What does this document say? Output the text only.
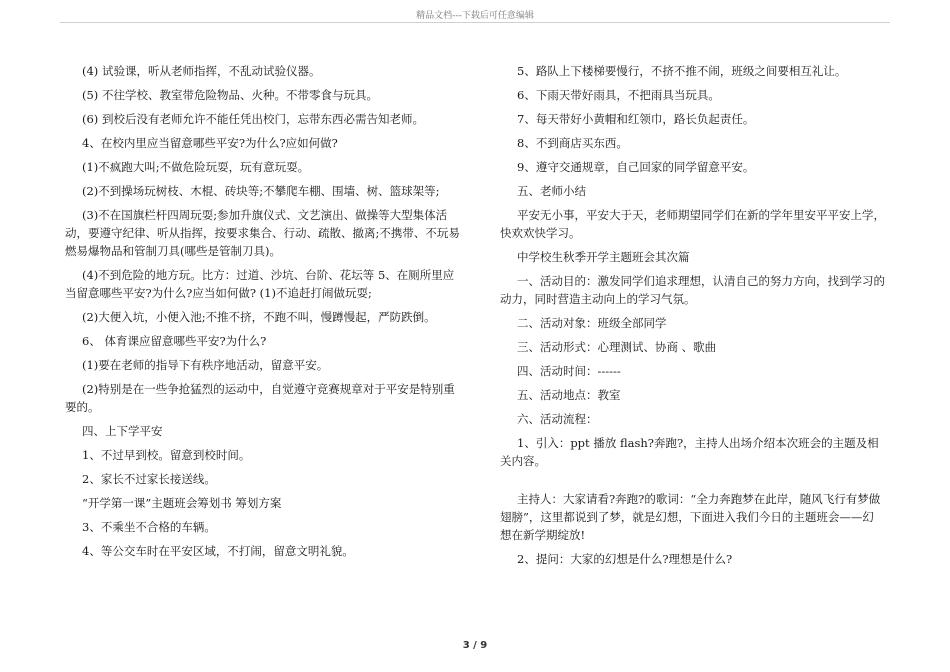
精品文档---下载后可任意编辑

(4) 试验课，听从老师指挥，不乱动试验仪器。

(5) 不往学校、教室带危险物品、火种。不带零食与玩具。

(6) 到校后没有老师允许不能任凭出校门，忘带东西必需告知老师。

4、在校内里应当留意哪些平安?为什么?应如何做?

(1)不疯跑大叫;不做危险玩耍，玩有意玩耍。

(2)不到操场玩树枝、木棍、砖块等;不攀爬车棚、围墙、树、篮球架等;

(3)不在国旗栏杆四周玩耍;参加升旗仪式、文艺演出、做操等大型集体活动，要遵守纪律、听从指挥，按要求集合、行动、疏散、撤离;不携带、不玩易燃易爆物品和管制刀具(哪些是管制刀具)。

(4)不到危险的地方玩。比方：过道、沙坑、台阶、花坛等 5、在厕所里应当留意哪些平安?为什么?应当如何做? (1)不追赶打闹做玩耍;

(2)大便入坑，小便入池;不推不挤，不跑不叫，慢蹲慢起，严防跌倒。

6、 体育课应留意哪些平安?为什么?

(1)要在老师的指导下有秩序地活动，留意平安。

(2)特别是在一些争抢猛烈的运动中，自觉遵守竞赛规章对于平安是特别重要的。

四、上下学平安

1、不过早到校。留意到校时间。

2、家长不过家长接送线。

“开学第一课”主题班会筹划书 筹划方案

3、不乘坐不合格的车辆。

4、等公交车时在平安区域，不打闹，留意文明礼貌。

5、路队上下楼梯要慢行，不挤不推不闹，班级之间要相互礼让。

6、下雨天带好雨具，不把雨具当玩具。

7、每天带好小黄帽和红领巾，路长负起责任。

8、不到商店买东西。

9、遵守交通规章，自己回家的同学留意平安。

五、老师小结

平安无小事，平安大于天，老师期望同学们在新的学年里安平平安上学，快欢欢快学习。

中学校生秋季开学主题班会其次篇

一、活动目的：激发同学们追求理想，认清自己的努力方向，找到学习的动力，同时营造主动向上的学习气氛。

二、活动对象：班级全部同学

三、活动形式：心理测试、协商 、歌曲

四、活动时间：------

五、活动地点：教室

六、活动流程：

1、引入：ppt 播放 flash?奔跑?，主持人出场介绍本次班会的主题及相关内容。

主持人：大家请看?奔跑?的歌词：“全力奔跑梦在此岸，随风飞行有梦做翅膀”，这里都说到了梦，就是幻想，下面进入我们今日的主题班会——幻想在新学期绽放!

2、提问：大家的幻想是什么?理想是什么?

3 / 9
